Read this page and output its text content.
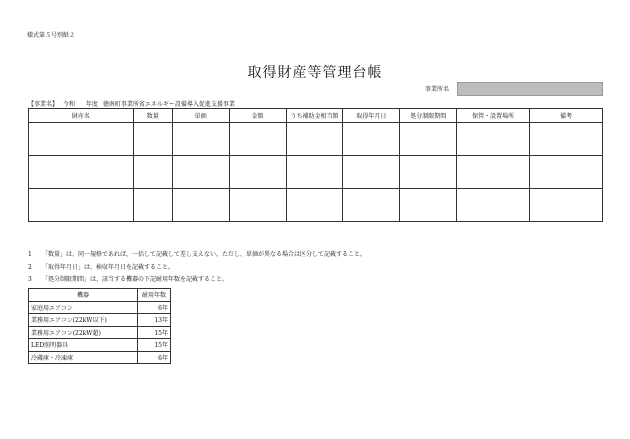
様式第５号別紙２
取得財産等管理台帳
事業所名
【事業名】 令和 年度 徳南町事業所省エネルギー設備導入促進支援事業
財産名	数量	単価	金額	うち補助金相当額	取得年月日	処分制限期間	保管・設置場所	備考

1	「数量」は、同一規格であれば、一括して記載して差し支えない。ただし、単価が異なる場合は区分して記載すること。
2	「取得年月日」は、検収年月日を記載すること。
3	「処分制限期間」は、該当する機器の下記耐用年数を記載すること。
機器	耐用年数
家庭用エアコン	6年
業務用エアコン(22kW以下)	13年
業務用エアコン(22kW超)	15年
LED照明器具	15年
冷蔵庫・冷凍庫	6年
